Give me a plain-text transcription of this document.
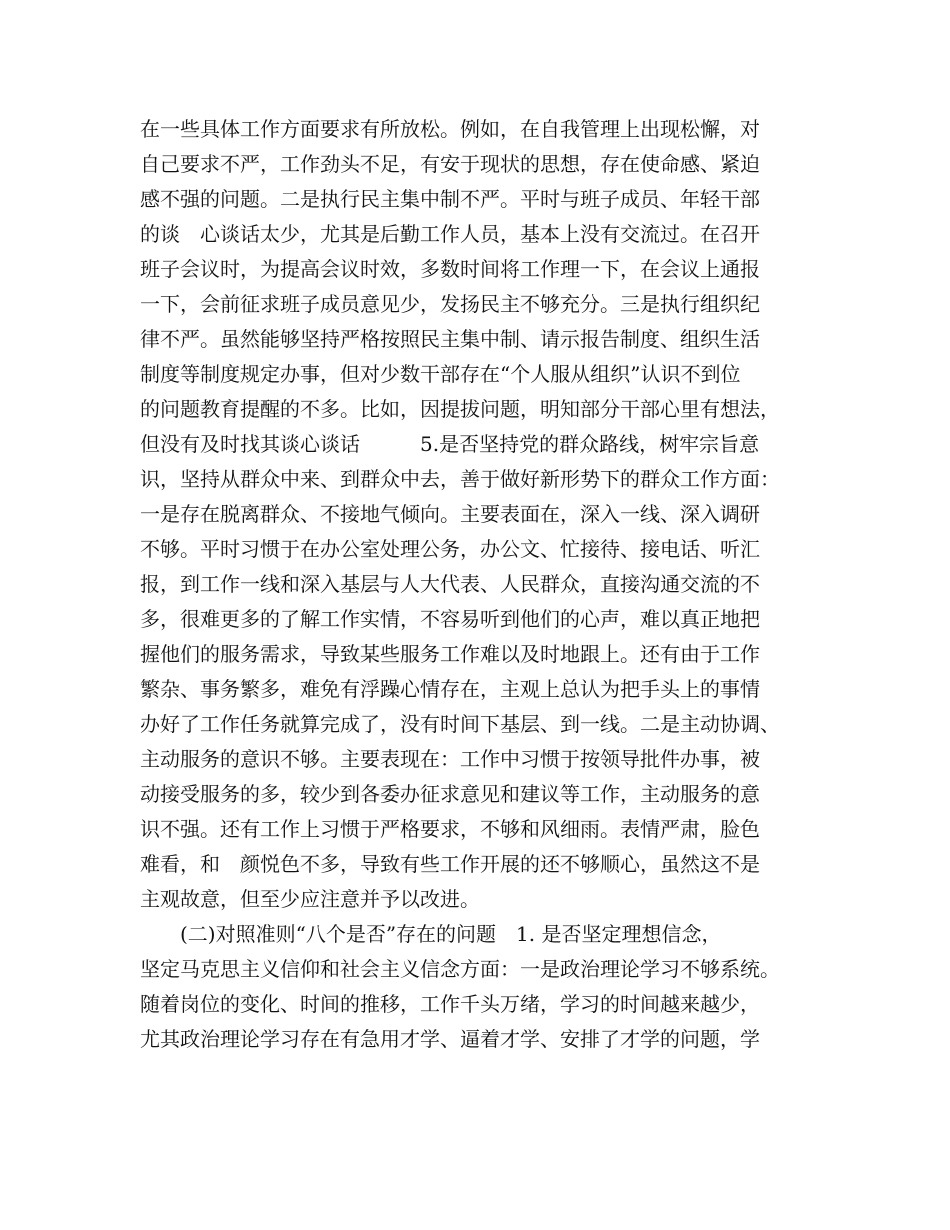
在一些具体工作方面要求有所放松。例如，在自我管理上出现松懈，对
自己要求不严，工作劲头不足，有安于现状的思想，存在使命感、紧迫
感不强的问题。二是执行民主集中制不严。平时与班子成员、年轻干部
的谈　心谈话太少，尤其是后勤工作人员，基本上没有交流过。在召开
班子会议时，为提高会议时效，多数时间将工作理一下，在会议上通报
一下，会前征求班子成员意见少，发扬民主不够充分。三是执行组织纪
律不严。虽然能够坚持严格按照民主集中制、请示报告制度、组织生活
制度等制度规定办事，但对少数干部存在“个人服从组织”认识不到位
的问题教育提醒的不多。比如，因提拔问题，明知部分干部心里有想法，
但没有及时找其谈心谈话　　　5.是否坚持党的群众路线，树牢宗旨意
识，坚持从群众中来、到群众中去，善于做好新形势下的群众工作方面：
一是存在脱离群众、不接地气倾向。主要表面在，深入一线、深入调研
不够。平时习惯于在办公室处理公务，办公文、忙接待、接电话、听汇
报，到工作一线和深入基层与人大代表、人民群众，直接沟通交流的不
多，很难更多的了解工作实情，不容易听到他们的心声，难以真正地把
握他们的服务需求，导致某些服务工作难以及时地跟上。还有由于工作
繁杂、事务繁多，难免有浮躁心情存在，主观上总认为把手头上的事情
办好了工作任务就算完成了，没有时间下基层、到一线。二是主动协调、
主动服务的意识不够。主要表现在：工作中习惯于按领导批件办事，被
动接受服务的多，较少到各委办征求意见和建议等工作，主动服务的意
识不强。还有工作上习惯于严格要求，不够和风细雨。表情严肃，脸色
难看，和　颜悦色不多，导致有些工作开展的还不够顺心，虽然这不是
主观故意，但至少应注意并予以改进。
　　(二)对照准则“八个是否”存在的问题　1. 是否坚定理想信念，
坚定马克思主义信仰和社会主义信念方面：一是政治理论学习不够系统。
随着岗位的变化、时间的推移，工作千头万绪，学习的时间越来越少，
尤其政治理论学习存在有急用才学、逼着才学、安排了才学的问题，学
